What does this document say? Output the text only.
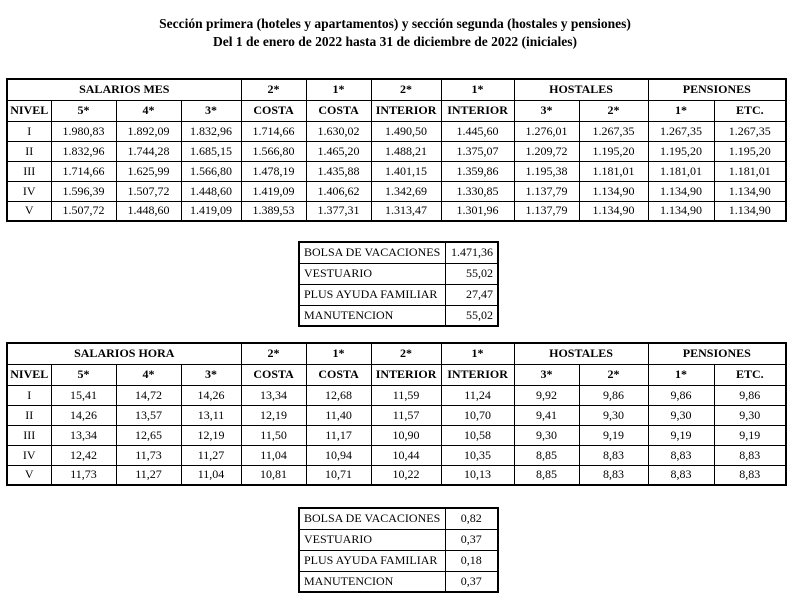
Sección primera (hoteles y apartamentos) y sección segunda (hostales y pensiones)
Del 1 de enero de 2022 hasta 31 de diciembre de 2022 (iniciales)
SALARIOS MES				2*	1*	2*	1*	HOSTALES		PENSIONES	
NIVEL	5*	4*	3*	COSTA	COSTA	INTERIOR	INTERIOR	3*	2*	1*	ETC.
I	1.980,83	1.892,09	1.832,96	1.714,66	1.630,02	1.490,50	1.445,60	1.276,01	1.267,35	1.267,35	1.267,35
II	1.832,96	1.744,28	1.685,15	1.566,80	1.465,20	1.488,21	1.375,07	1.209,72	1.195,20	1.195,20	1.195,20
III	1.714,66	1.625,99	1.566,80	1.478,19	1.435,88	1.401,15	1.359,86	1.195,38	1.181,01	1.181,01	1.181,01
IV	1.596,39	1.507,72	1.448,60	1.419,09	1.406,62	1.342,69	1.330,85	1.137,79	1.134,90	1.134,90	1.134,90
V	1.507,72	1.448,60	1.419,09	1.389,53	1.377,31	1.313,47	1.301,96	1.137,79	1.134,90	1.134,90	1.134,90
BOLSA DE VACACIONES	1.471,36
VESTUARIO	55,02
PLUS AYUDA FAMILIAR	27,47
MANUTENCION	55,02
SALARIOS HORA				2*	1*	2*	1*	HOSTALES		PENSIONES	
NIVEL	5*	4*	3*	COSTA	COSTA	INTERIOR	INTERIOR	3*	2*	1*	ETC.
I	15,41	14,72	14,26	13,34	12,68	11,59	11,24	9,92	9,86	9,86	9,86
II	14,26	13,57	13,11	12,19	11,40	11,57	10,70	9,41	9,30	9,30	9,30
III	13,34	12,65	12,19	11,50	11,17	10,90	10,58	9,30	9,19	9,19	9,19
IV	12,42	11,73	11,27	11,04	10,94	10,44	10,35	8,85	8,83	8,83	8,83
V	11,73	11,27	11,04	10,81	10,71	10,22	10,13	8,85	8,83	8,83	8,83
BOLSA DE VACACIONES	0,82
VESTUARIO	0,37
PLUS AYUDA FAMILIAR	0,18
MANUTENCION	0,37
